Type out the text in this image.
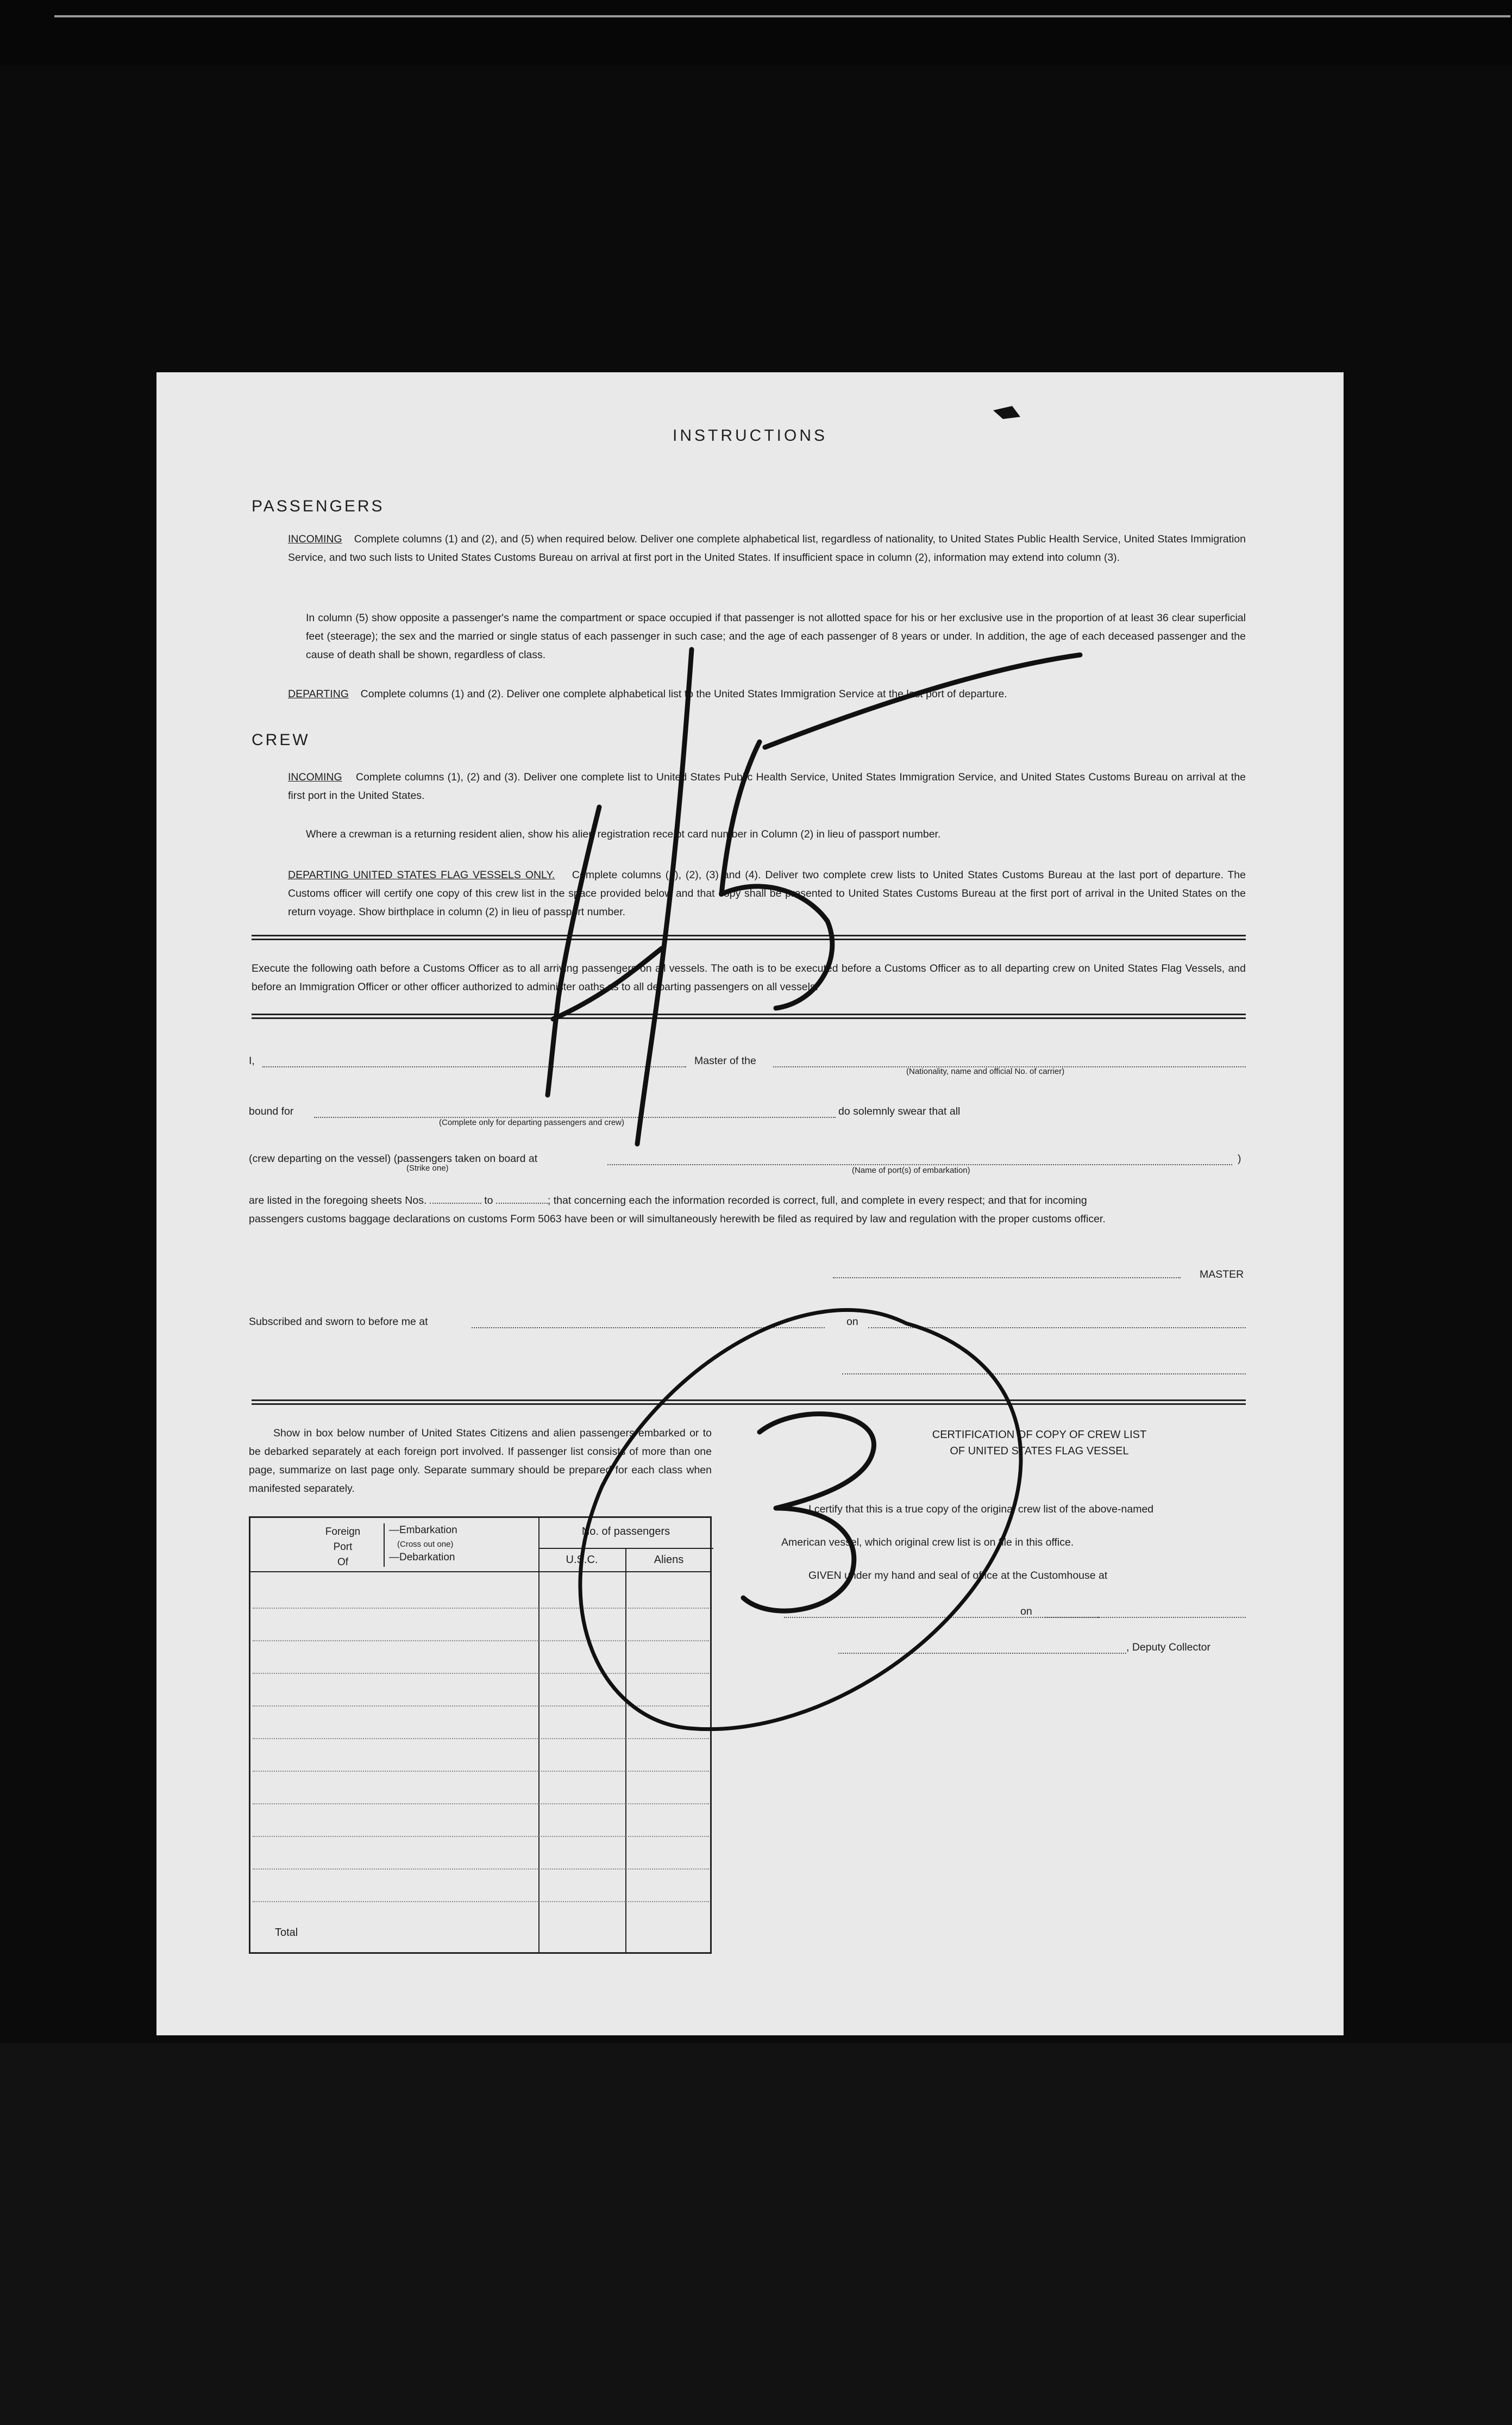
INSTRUCTIONS
PASSENGERS
INCOMING Complete columns (1) and (2), and (5) when required below. Deliver one complete alphabetical list, regardless of nationality, to United States Public Health Service, United States Immigration Service, and two such lists to United States Customs Bureau on arrival at first port in the United States. If insufficient space in column (2), information may extend into column (3).
In column (5) show opposite a passenger's name the compartment or space occupied if that passenger is not allotted space for his or her exclusive use in the proportion of at least 36 clear superficial feet (steerage); the sex and the married or single status of each passenger in such case; and the age of each passenger of 8 years or under. In addition, the age of each deceased passenger and the cause of death shall be shown, regardless of class.
DEPARTING Complete columns (1) and (2). Deliver one complete alphabetical list to the United States Immigration Service at the last port of departure.
CREW
INCOMING Complete columns (1), (2) and (3). Deliver one complete list to United States Public Health Service, United States Immigration Service, and United States Customs Bureau on arrival at the first port in the United States.
Where a crewman is a returning resident alien, show his alien registration receipt card number in Column (2) in lieu of passport number.
DEPARTING UNITED STATES FLAG VESSELS ONLY. Complete columns (1), (2), (3) and (4). Deliver two complete crew lists to United States Customs Bureau at the last port of departure. The Customs officer will certify one copy of this crew list in the space provided below and that copy shall be presented to United States Customs Bureau at the first port of arrival in the United States on the return voyage. Show birthplace in column (2) in lieu of passport number.
Execute the following oath before a Customs Officer as to all arriving passengers on all vessels. The oath is to be executed before a Customs Officer as to all departing crew on United States Flag Vessels, and before an Immigration Officer or other officer authorized to administer oaths as to all departing passengers on all vessels.
I,	Master of the
(Nationality, name and official No. of carrier)
bound for
(Complete only for departing passengers and crew)
do solemnly swear that all
(crew departing on the vessel) (passengers taken on board at
(Strike one)	(Name of port(s) of embarkation)
)
are listed in the foregoing sheets Nos.	to	; that concerning each the information recorded is correct, full, and complete in every respect; and that for incoming
passengers customs baggage declarations on customs Form 5063 have been or will simultaneously herewith be filed as required by law and regulation with the proper customs officer.
MASTER
Subscribed and sworn to before me at	on
Show in box below number of United States Citizens and alien passengers embarked or to be debarked separately at each foreign port involved. If passenger list consists of more than one page, summarize on last page only. Separate summary should be prepared for each class when manifested separately.
Foreign
Port
Of
—Embarkation
(Cross out one)
—Debarkation
No. of passengers
U.S.C.	Aliens
Total
CERTIFICATION OF COPY OF CREW LIST
OF UNITED STATES FLAG VESSEL
I certify that this is a true copy of the original crew list of the above-named
American vessel, which original crew list is on file in this office.
GIVEN under my hand and seal of office at the Customhouse at
on
, Deputy Collector
